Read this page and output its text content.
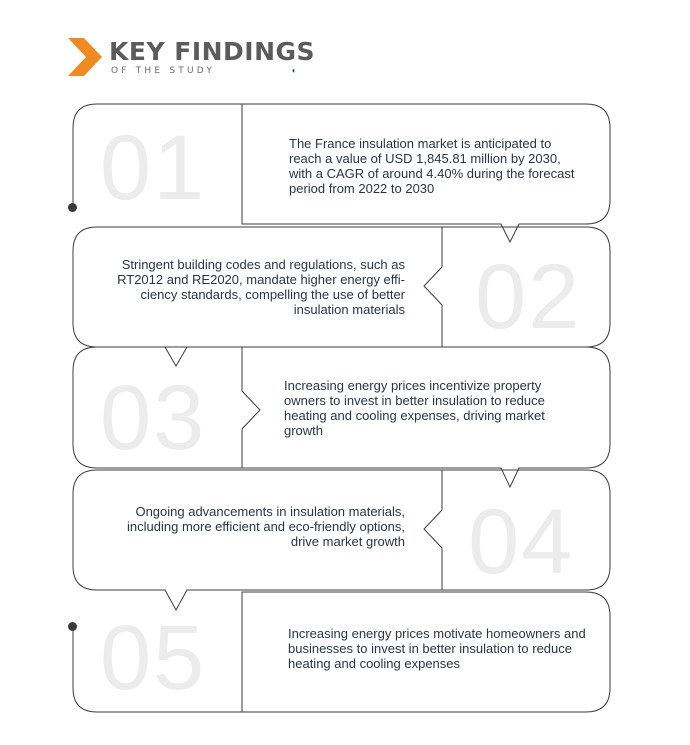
KEY FINDINGS
OF THE STUDY	◖
01	The France insulation market is anticipated to reach a value of USD 1,845.81 million by 2030, with a CAGR of around 4.40% during the forecast period from 2022 to 2030

02

Stringent building codes and regulations, such as RT2012 and RE2020, mandate higher energy effi-ciency standards, compelling the use of better insulation materials

03	Increasing energy prices incentivize property owners to invest in better insulation to reduce heating and cooling expenses, driving market growth

04

Ongoing advancements in insulation materials, including more efficient and eco-friendly options, drive market growth

05	Increasing energy prices motivate homeowners and businesses to invest in better insulation to reduce heating and cooling expenses
